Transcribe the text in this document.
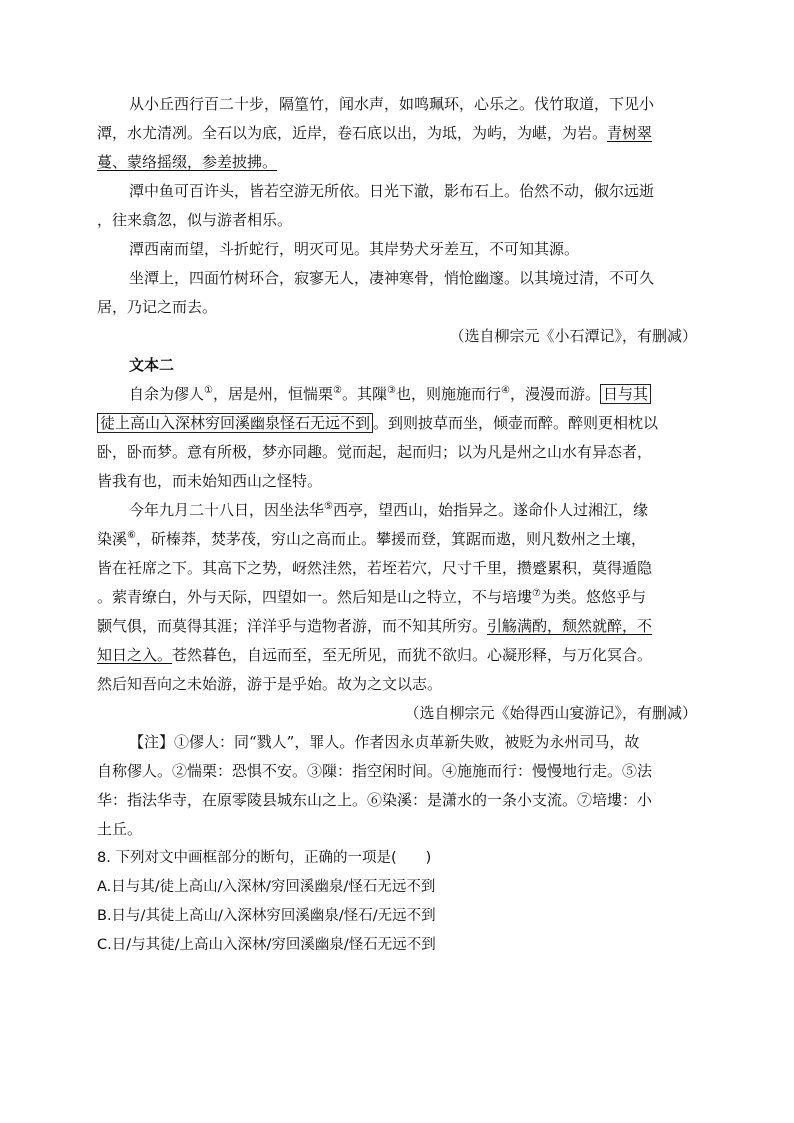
从小丘西行百二十步，隔篁竹，闻水声，如鸣珮环，心乐之。伐竹取道，下见小
潭，水尤清冽。全石以为底，近岸，卷石底以出，为坻，为屿，为嵁，为岩。青树翠
蔓、蒙络摇缀，参差披拂。
潭中鱼可百许头，皆若空游无所依。日光下澈，影布石上。佁然不动，俶尔远逝
，往来翕忽，似与游者相乐。
潭西南而望，斗折蛇行，明灭可见。其岸势犬牙差互，不可知其源。
坐潭上，四面竹树环合，寂寥无人，凄神寒骨，悄怆幽邃。以其境过清，不可久
居，乃记之而去。
（选自柳宗元《小石潭记》，有删减）
文本二
自余为僇人①，居是州，恒惴栗②。其隟③也，则施施而行④，漫漫而游。 日与其
徒上高山入深林穷回溪幽泉怪石无远不到 。到则披草而坐，倾壶而醉。醉则更相枕以
卧，卧而梦。意有所极，梦亦同趣。觉而起，起而归；以为凡是州之山水有异态者，
皆我有也，而未始知西山之怪特。
今年九月二十八日，因坐法华⑤西亭，望西山，始指异之。遂命仆人过湘江，缘
染溪⑥，斫榛莽，焚茅茷，穷山之高而止。攀援而登，箕踞而遨，则凡数州之土壤，
皆在衽席之下。其高下之势，岈然洼然，若垤若穴，尺寸千里，攒蹙累积，莫得遁隐
。萦青缭白，外与天际，四望如一。然后知是山之特立，不与培塿⑦为类。悠悠乎与
颢气俱，而莫得其涯；洋洋乎与造物者游，而不知其所穷。引觞满酌，颓然就醉，不
知日之入。苍然暮色，自远而至，至无所见，而犹不欲归。心凝形释，与万化冥合。
然后知吾向之未始游，游于是乎始。故为之文以志。
（选自柳宗元《始得西山宴游记》，有删减）
【注】①僇人：同“戮人”，罪人。作者因永贞革新失败，被贬为永州司马，故
自称僇人。②惴栗：恐惧不安。③隟：指空闲时间。④施施而行：慢慢地行走。⑤法
华：指法华寺，在原零陵县城东山之上。⑥染溪：是潇水的一条小支流。⑦培塿：小
土丘。
8. 下列对文中画框部分的断句，正确的一项是(　　)
A.日与其/徒上高山/入深林/穷回溪幽泉/怪石无远不到
B.日与/其徒上高山/入深林穷回溪幽泉/怪石/无远不到
C.日/与其徒/上高山入深林/穷回溪幽泉/怪石无远不到
